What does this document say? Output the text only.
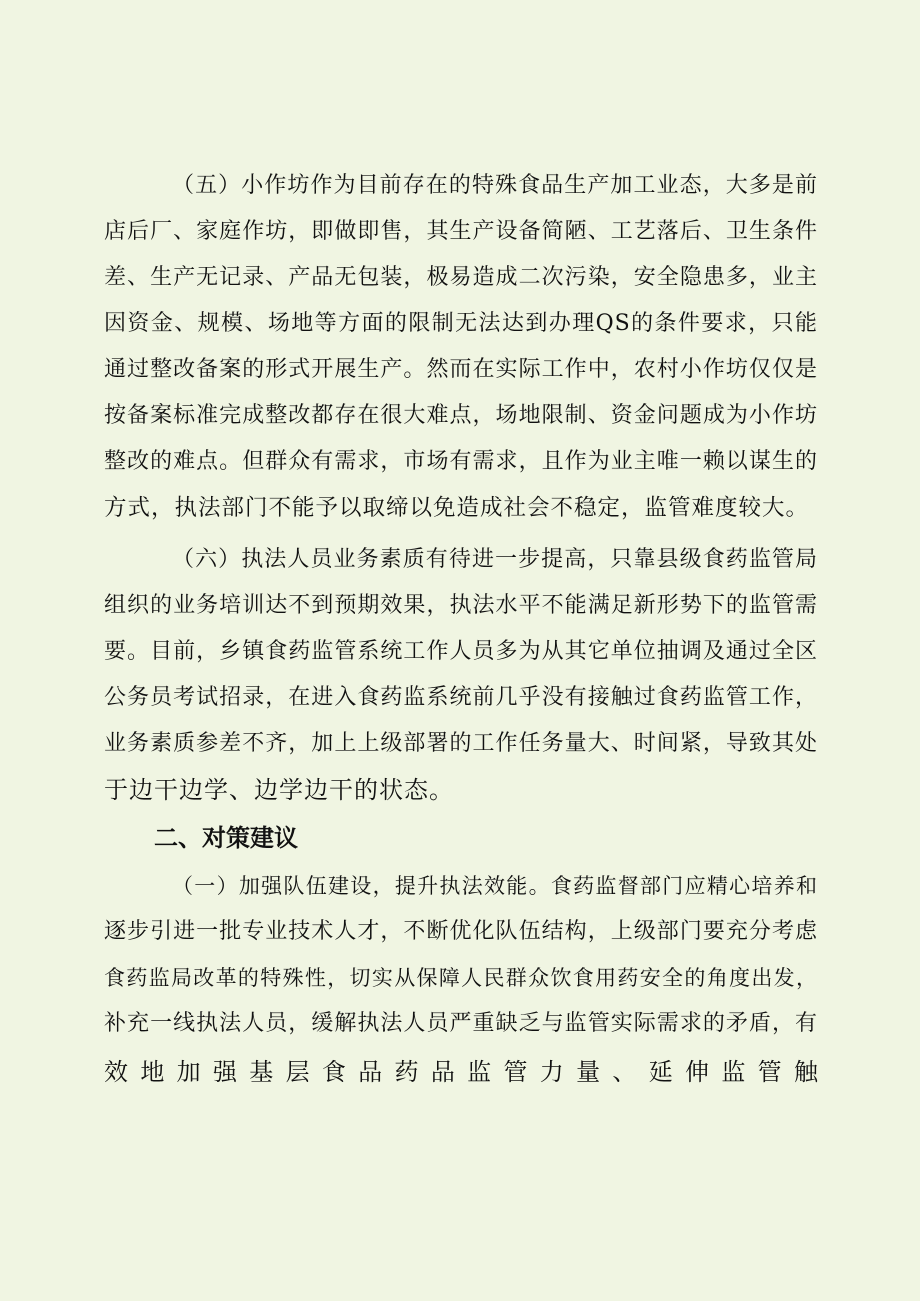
（五）小作坊作为目前存在的特殊食品生产加工业态，大多是前
店后厂、家庭作坊，即做即售，其生产设备简陋、工艺落后、卫生条件
差、生产无记录、产品无包装，极易造成二次污染，安全隐患多，业主
因资金、规模、场地等方面的限制无法达到办理QS的条件要求，只能
通过整改备案的形式开展生产。然而在实际工作中，农村小作坊仅仅是
按备案标准完成整改都存在很大难点，场地限制、资金问题成为小作坊
整改的难点。但群众有需求，市场有需求，且作为业主唯一赖以谋生的
方式，执法部门不能予以取缔以免造成社会不稳定，监管难度较大。
（六）执法人员业务素质有待进一步提高，只靠县级食药监管局
组织的业务培训达不到预期效果，执法水平不能满足新形势下的监管需
要。目前，乡镇食药监管系统工作人员多为从其它单位抽调及通过全区
公务员考试招录，在进入食药监系统前几乎没有接触过食药监管工作，
业务素质参差不齐，加上上级部署的工作任务量大、时间紧，导致其处
于边干边学、边学边干的状态。
二、对策建议
（一）加强队伍建设，提升执法效能。食药监督部门应精心培养和
逐步引进一批专业技术人才，不断优化队伍结构，上级部门要充分考虑
食药监局改革的特殊性，切实从保障人民群众饮食用药安全的角度出发，
补充一线执法人员，缓解执法人员严重缺乏与监管实际需求的矛盾，有
效地加强基层食品药品监管力量、延伸监管触
